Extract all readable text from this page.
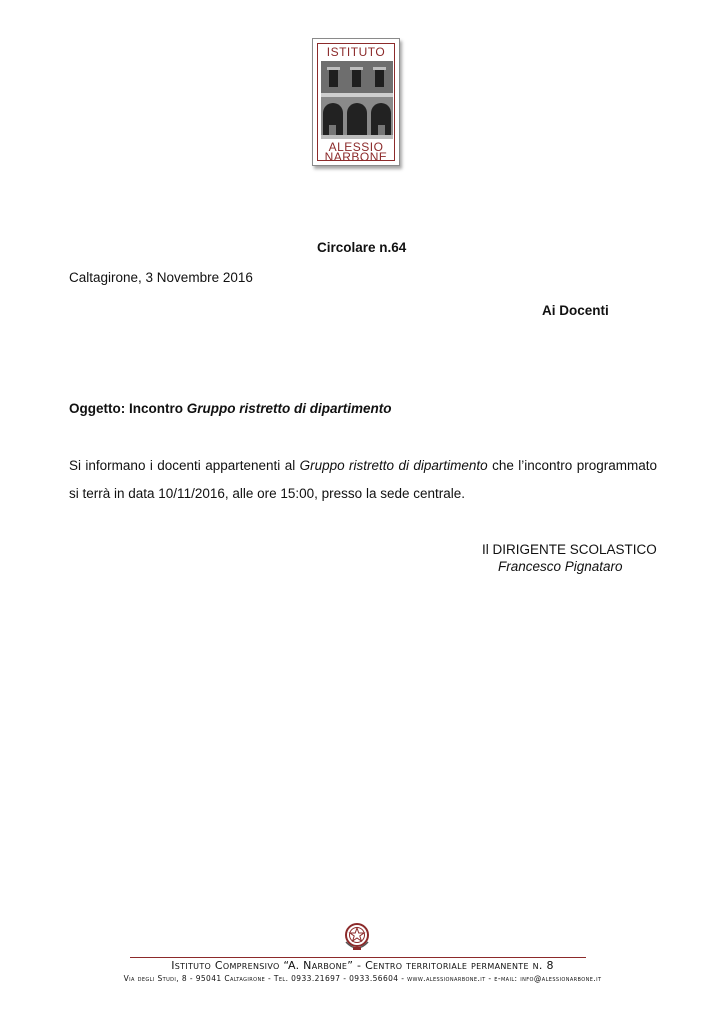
ISTITUTO
ALESSIO
NARBONE
Circolare n.64
Caltagirone, 3 Novembre 2016
Ai Docenti
Oggetto: Incontro Gruppo ristretto di dipartimento
Si informano i docenti appartenenti al Gruppo ristretto di dipartimento che l’incontro programmato si terrà in data 10/11/2016, alle ore 15:00, presso la sede centrale.
Il DIRIGENTE SCOLASTICO
Francesco Pignataro
Istituto Comprensivo “A. Narbone” - Centro territoriale permanente n. 8
Via degli Studi, 8 - 95041 Caltagirone - Tel. 0933.21697 - 0933.56604 - www.alessionarbone.it - e-mail: info@alessionarbone.it
